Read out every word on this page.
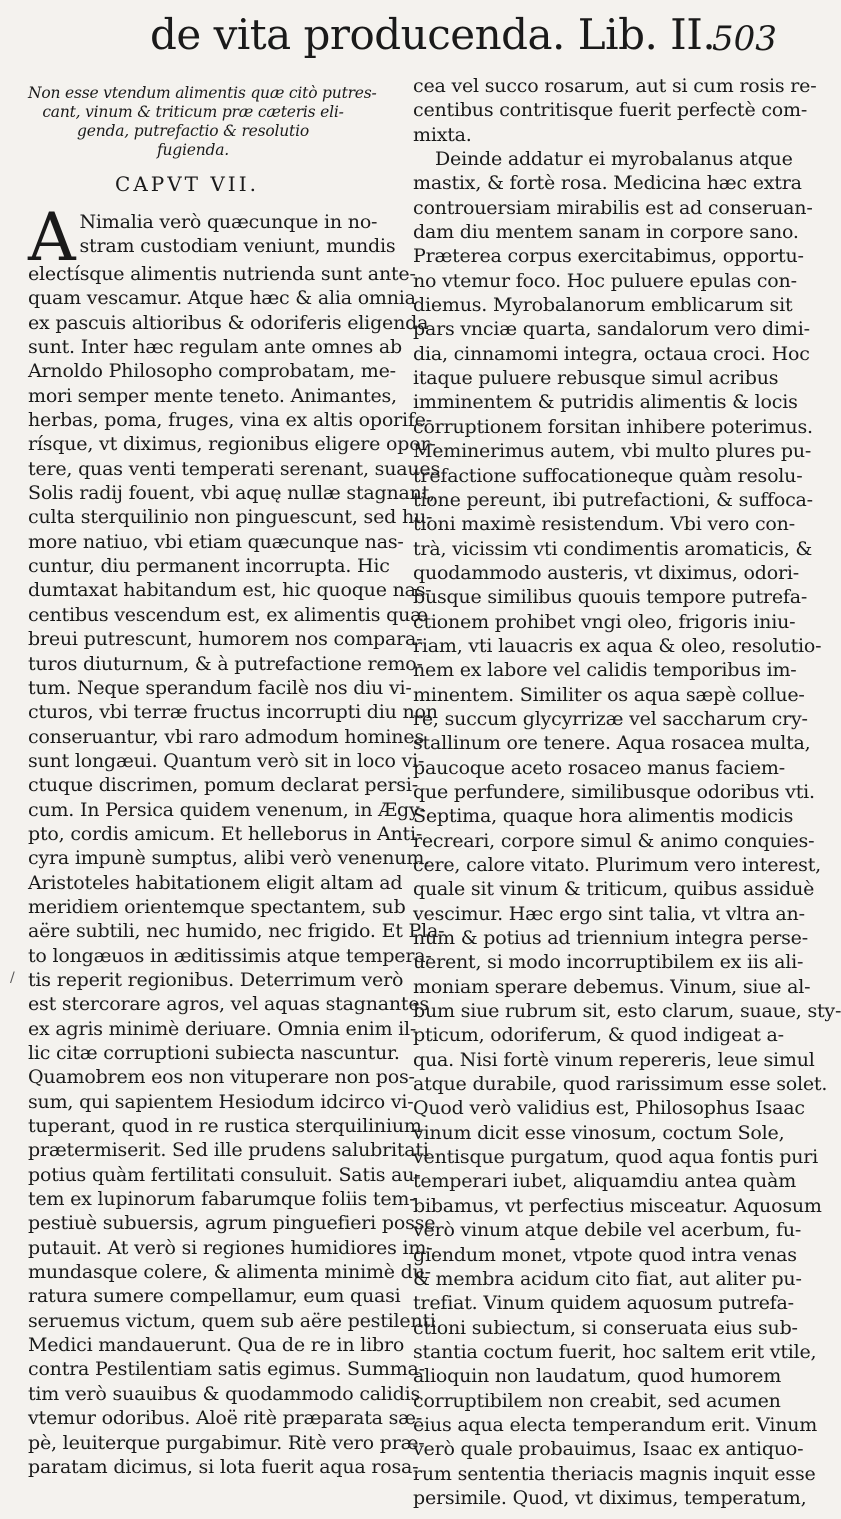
de vita producenda. Lib. II.
503
Non esse vtendum alimentis quæ citò putres-
cant, vinum & triticum præ cæteris eli-
genda, putrefactio & resolutio
fugienda.
CAPVT VII.
A Nimalia verò quæcunque in no-
stram custodiam veniunt, mundis
electísque alimentis nutrienda sunt ante-
quam vescamur. Atque hæc & alia omnia
ex pascuis altioribus & odoriferis eligenda
sunt. Inter hæc regulam ante omnes ab
Arnoldo Philosopho comprobatam, me-
mori semper mente teneto. Animantes,
herbas, poma, fruges, vina ex altis oporife-
rísque, vt diximus, regionibus eligere opor-
tere, quas venti temperati serenant, suaues
Solis radij fouent, vbi aquę nullæ stagnant,
culta sterquilinio non pinguescunt, sed hu-
more natiuo, vbi etiam quæcunque nas-
cuntur, diu permanent incorrupta. Hic
dumtaxat habitandum est, hic quoque nas-
centibus vescendum est, ex alimentis quæ
breui putrescunt, humorem nos compara-
turos diuturnum, & à putrefactione remo-
tum. Neque sperandum facilè nos diu vi-
cturos, vbi terræ fructus incorrupti diu non
conseruantur, vbi raro admodum homines
sunt longæui. Quantum verò sit in loco vi-
ctuque discrimen, pomum declarat persi-
cum. In Persica quidem venenum, in Ægy-
pto, cordis amicum. Et helleborus in Anti-
cyra impunè sumptus, alibi verò venenum.
Aristoteles habitationem eligit altam ad
meridiem orientemque spectantem, sub
aëre subtili, nec humido, nec frigido. Et Pla-
to longæuos in æditissimis atque tempera-
tis reperit regionibus. Deterrimum verò
est stercorare agros, vel aquas stagnantes
ex agris minimè deriuare. Omnia enim il-
lic citæ corruptioni subiecta nascuntur.
Quamobrem eos non vituperare non pos-
sum, qui sapientem Hesiodum idcirco vi-
tuperant, quod in re rustica sterquilinium
prætermiserit. Sed ille prudens salubritati
potius quàm fertilitati consuluit. Satis au-
tem ex lupinorum fabarumque foliis tem-
pestiuè subuersis, agrum pinguefieri posse
putauit. At verò si regiones humidiores im-
mundasque colere, & alimenta minimè du-
ratura sumere compellamur, eum quasi
seruemus victum, quem sub aëre pestilenti
Medici mandauerunt. Qua de re in libro
contra Pestilentiam satis egimus. Summa-
tim verò suauibus & quodammodo calidis
vtemur odoribus. Aloë ritè præparata sæ-
pè, leuiterque purgabimur. Ritè vero præ-
paratam dicimus, si lota fuerit aqua rosa-
cea vel succo rosarum, aut si cum rosis re-
centibus contritisque fuerit perfectè com-
mixta.
Deinde addatur ei myrobalanus atque
mastix, & fortè rosa. Medicina hæc extra
controuersiam mirabilis est ad conseruan-
dam diu mentem sanam in corpore sano.
Præterea corpus exercitabimus, opportu-
no vtemur foco. Hoc puluere epulas con-
diemus. Myrobalanorum emblicarum sit
pars vnciæ quarta, sandalorum vero dimi-
dia, cinnamomi integra, octaua croci. Hoc
itaque puluere rebusque simul acribus
imminentem & putridis alimentis & locis
corruptionem forsitan inhibere poterimus.
Meminerimus autem, vbi multo plures pu-
trefactione suffocationeque quàm resolu-
tione pereunt, ibi putrefactioni, & suffoca-
tioni maximè resistendum. Vbi vero con-
trà, vicissim vti condimentis aromaticis, &
quodammodo austeris, vt diximus, odori-
busque similibus quouis tempore putrefa-
ctionem prohibet vngi oleo, frigoris iniu-
riam, vti lauacris ex aqua & oleo, resolutio-
nem ex labore vel calidis temporibus im-
minentem. Similiter os aqua sæpè collue-
re, succum glycyrrizæ vel saccharum cry-
stallinum ore tenere. Aqua rosacea multa,
paucoque aceto rosaceo manus faciem-
que perfundere, similibusque odoribus vti.
Septima, quaque hora alimentis modicis
recreari, corpore simul & animo conquies-
cere, calore vitato. Plurimum vero interest,
quale sit vinum & triticum, quibus assiduè
vescimur. Hæc ergo sint talia, vt vltra an-
num & potius ad triennium integra perse-
uerent, si modo incorruptibilem ex iis ali-
moniam sperare debemus. Vinum, siue al-
bum siue rubrum sit, esto clarum, suaue, sty-
pticum, odoriferum, & quod indigeat a-
qua. Nisi fortè vinum repereris, leue simul
atque durabile, quod rarissimum esse solet.
Quod verò validius est, Philosophus Isaac
vinum dicit esse vinosum, coctum Sole,
ventisque purgatum, quod aqua fontis puri
temperari iubet, aliquamdiu antea quàm
bibamus, vt perfectius misceatur. Aquosum
verò vinum atque debile vel acerbum, fu-
giendum monet, vtpote quod intra venas
& membra acidum cito fiat, aut aliter pu-
trefiat. Vinum quidem aquosum putrefa-
ctioni subiectum, si conseruata eius sub-
stantia coctum fuerit, hoc saltem erit vtile,
alioquin non laudatum, quod humorem
corruptibilem non creabit, sed acumen
eius aqua electa temperandum erit. Vinum
verò quale probauimus, Isaac ex antiquo-
rum sententia theriacis magnis inquit esse
persimile. Quod, vt diximus, temperatum,
/
